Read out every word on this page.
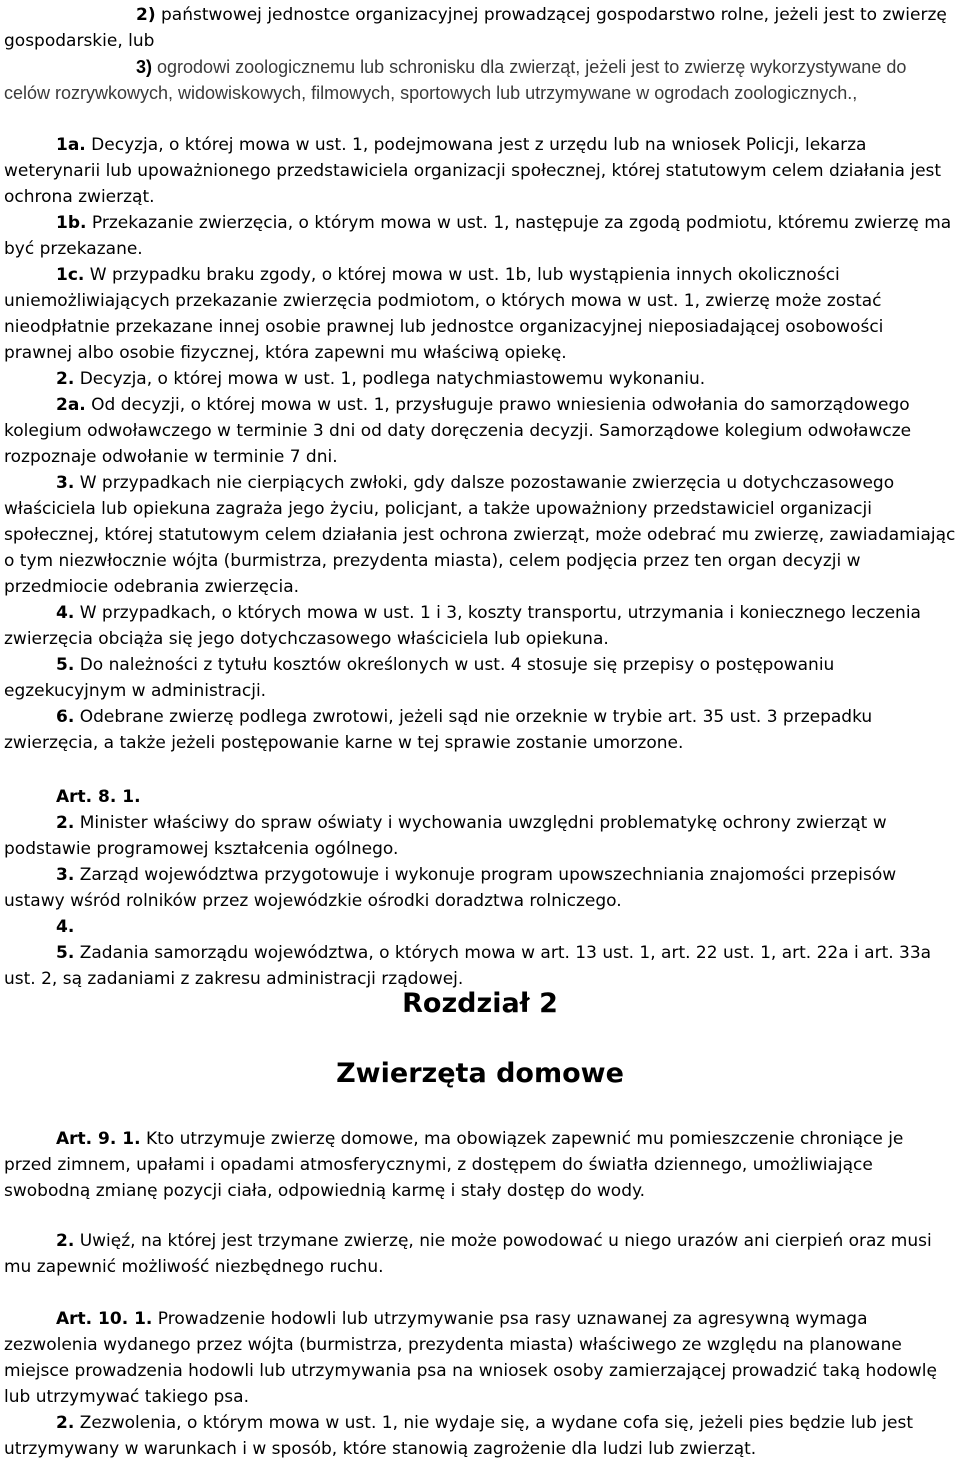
2) państwowej jednostce organizacyjnej prowadzącej gospodarstwo rolne, jeżeli jest to zwierzę gospodarskie, lub

3) ogrodowi zoologicznemu lub schronisku dla zwierząt, jeżeli jest to zwierzę wykorzystywane do celów rozrywkowych, widowiskowych, filmowych, sportowych lub utrzymywane w ogrodach zoologicznych.,

1a. Decyzja, o której mowa w ust. 1, podejmowana jest z urzędu lub na wniosek Policji, lekarza weterynarii lub upoważnionego przedstawiciela organizacji społecznej, której statutowym celem działania jest ochrona zwierząt.

1b. Przekazanie zwierzęcia, o którym mowa w ust. 1, następuje za zgodą podmiotu, któremu zwierzę ma być przekazane.

1c. W przypadku braku zgody, o której mowa w ust. 1b, lub wystąpienia innych okoliczności uniemożliwiających przekazanie zwierzęcia podmiotom, o których mowa w ust. 1, zwierzę może zostać nieodpłatnie przekazane innej osobie prawnej lub jednostce organizacyjnej nieposiadającej osobowości prawnej albo osobie fizycznej, która zapewni mu właściwą opiekę.

2. Decyzja, o której mowa w ust. 1, podlega natychmiastowemu wykonaniu.

2a. Od decyzji, o której mowa w ust. 1, przysługuje prawo wniesienia odwołania do samorządowego kolegium odwoławczego w terminie 3 dni od daty doręczenia decyzji. Samorządowe kolegium odwoławcze rozpoznaje odwołanie w terminie 7 dni.

3. W przypadkach nie cierpiących zwłoki, gdy dalsze pozostawanie zwierzęcia u dotychczasowego właściciela lub opiekuna zagraża jego życiu, policjant, a także upoważniony przedstawiciel organizacji społecznej, której statutowym celem działania jest ochrona zwierząt, może odebrać mu zwierzę, zawiadamiając o tym niezwłocznie wójta (burmistrza, prezydenta miasta), celem podjęcia przez ten organ decyzji w przedmiocie odebrania zwierzęcia.

4. W przypadkach, o których mowa w ust. 1 i 3, koszty transportu, utrzymania i koniecznego leczenia zwierzęcia obciąża się jego dotychczasowego właściciela lub opiekuna.

5. Do należności z tytułu kosztów określonych w ust. 4 stosuje się przepisy o postępowaniu egzekucyjnym w administracji.

6. Odebrane zwierzę podlega zwrotowi, jeżeli sąd nie orzeknie w trybie art. 35 ust. 3 przepadku zwierzęcia, a także jeżeli postępowanie karne w tej sprawie zostanie umorzone.

Art. 8. 1.

2. Minister właściwy do spraw oświaty i wychowania uwzględni problematykę ochrony zwierząt w podstawie programowej kształcenia ogólnego.

3. Zarząd województwa przygotowuje i wykonuje program upowszechniania znajomości przepisów ustawy wśród rolników przez wojewódzkie ośrodki doradztwa rolniczego.

4.

5. Zadania samorządu województwa, o których mowa w art. 13 ust. 1, art. 22 ust. 1, art. 22a i art. 33a ust. 2, są zadaniami z zakresu administracji rządowej.

Rozdział 2
Zwierzęta domowe

Art. 9. 1. Kto utrzymuje zwierzę domowe, ma obowiązek zapewnić mu pomieszczenie chroniące je przed zimnem, upałami i opadami atmosferycznymi, z dostępem do światła dziennego, umożliwiające swobodną zmianę pozycji ciała, odpowiednią karmę i stały dostęp do wody.

2. Uwięź, na której jest trzymane zwierzę, nie może powodować u niego urazów ani cierpień oraz musi mu zapewnić możliwość niezbędnego ruchu.

Art. 10. 1. Prowadzenie hodowli lub utrzymywanie psa rasy uznawanej za agresywną wymaga zezwolenia wydanego przez wójta (burmistrza, prezydenta miasta) właściwego ze względu na planowane miejsce prowadzenia hodowli lub utrzymywania psa na wniosek osoby zamierzającej prowadzić taką hodowlę lub utrzymywać takiego psa.

2. Zezwolenia, o którym mowa w ust. 1, nie wydaje się, a wydane cofa się, jeżeli pies będzie lub jest utrzymywany w warunkach i w sposób, które stanowią zagrożenie dla ludzi lub zwierząt.
